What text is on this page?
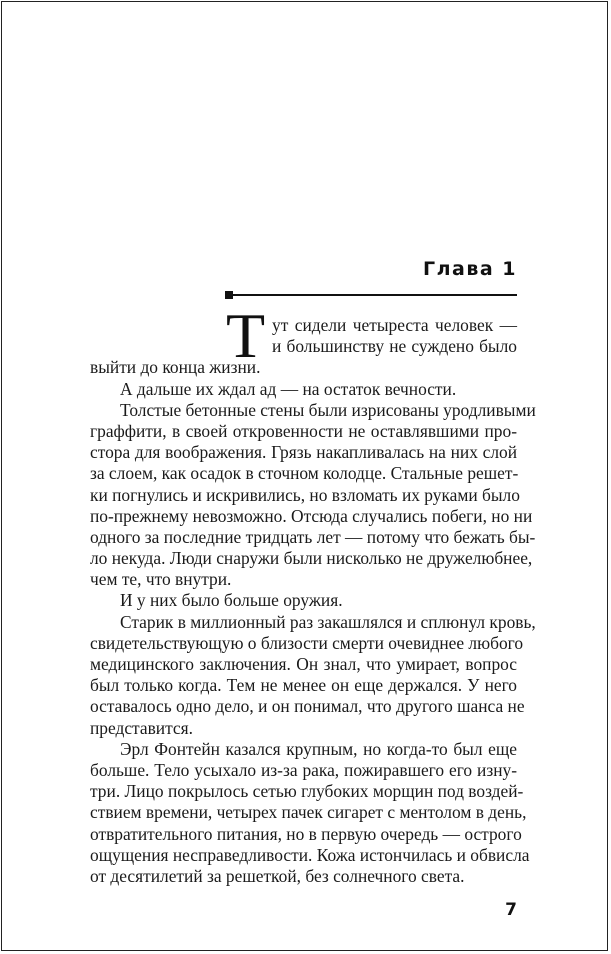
Глава 1
Т ут сидели четыреста человек —
и большинству не суждено было
выйти до конца жизни.
А дальше их ждал ад — на остаток вечности.
Толстые бетонные стены были изрисованы уродливыми
граффити, в своей откровенности не оставлявшими про-
стора для воображения. Грязь накапливалась на них слой
за слоем, как осадок в сточном колодце. Стальные решет-
ки погнулись и искривились, но взломать их руками было
по-прежнему невозможно. Отсюда случались побеги, но ни
одного за последние тридцать лет — потому что бежать бы-
ло некуда. Люди снаружи были нисколько не дружелюбнее,
чем те, что внутри.
И у них было больше оружия.
Старик в миллионный раз закашлялся и сплюнул кровь,
свидетельствующую о близости смерти очевиднее любого
медицинского заключения. Он знал, что умирает, вопрос
был только когда. Тем не менее он еще держался. У него
оставалось одно дело, и он понимал, что другого шанса не
представится.
Эрл Фонтейн казался крупным, но когда-то был еще
больше. Тело усыхало из-за рака, пожиравшего его изну-
три. Лицо покрылось сетью глубоких морщин под воздей-
ствием времени, четырех пачек сигарет с ментолом в день,
отвратительного питания, но в первую очередь — острого
ощущения несправедливости. Кожа истончилась и обвисла
от десятилетий за решеткой, без солнечного света.
7
